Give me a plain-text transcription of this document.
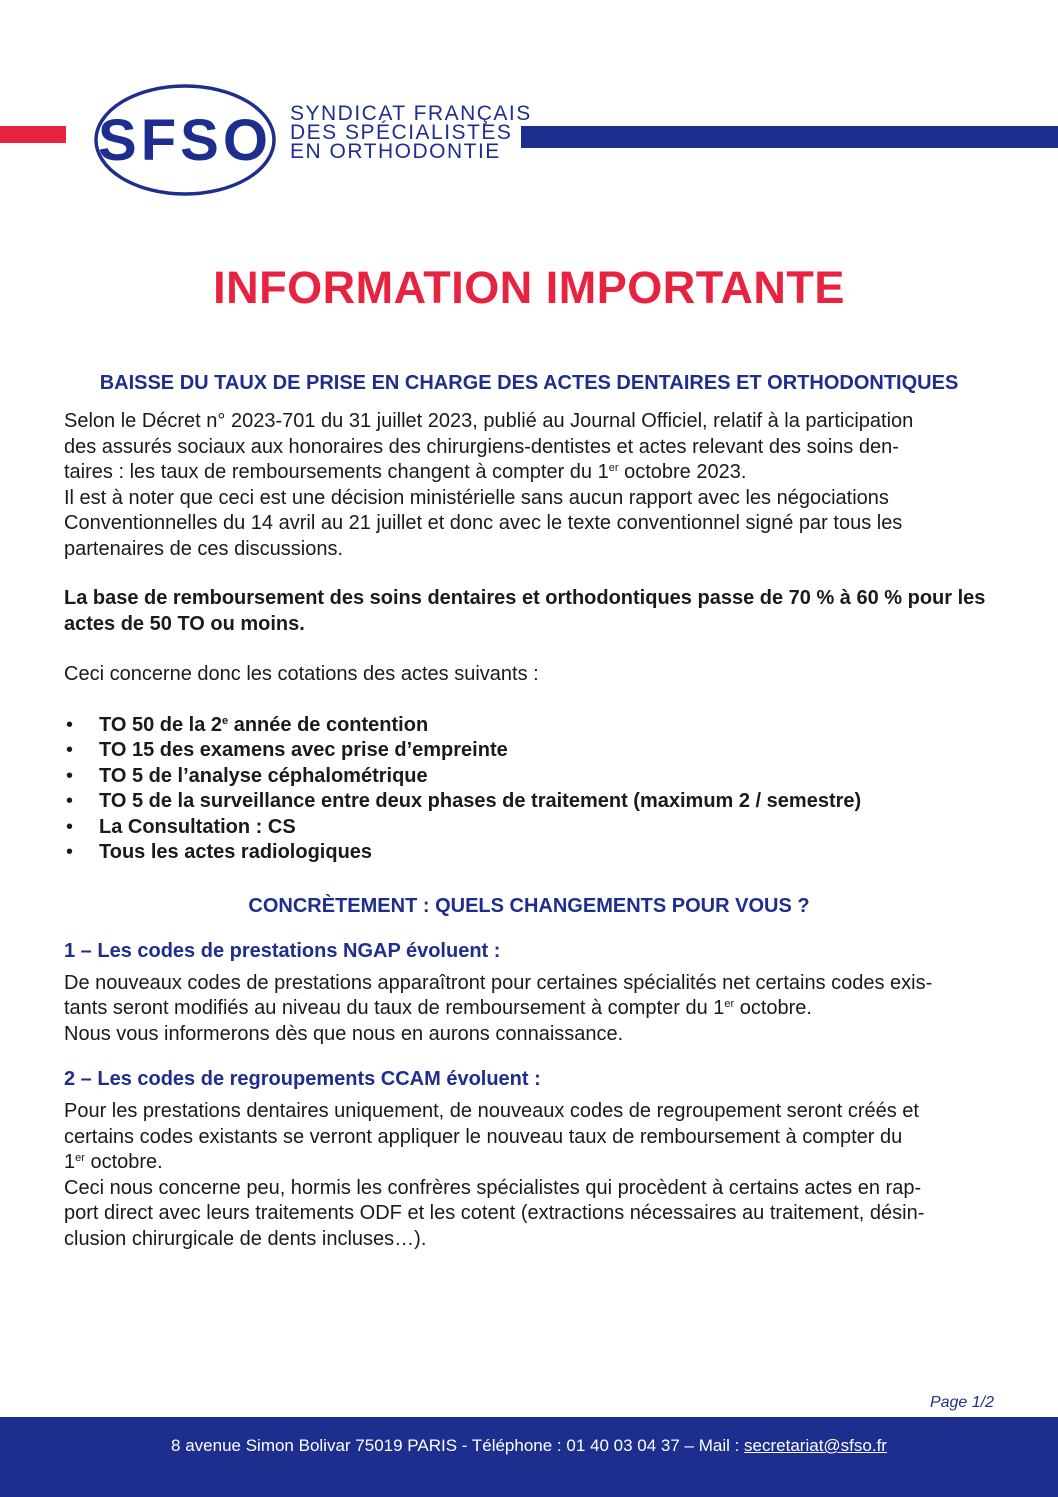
SFSO SYNDICAT FRANÇAIS
DES SPÉCIALISTES
EN ORTHODONTIE
INFORMATION IMPORTANTE
BAISSE DU TAUX DE PRISE EN CHARGE DES ACTES DENTAIRES ET ORTHODONTIQUES

Selon le Décret n° 2023-701 du 31 juillet 2023, publié au Journal Officiel, relatif à la participation
des assurés sociaux aux honoraires des chirurgiens-dentistes et actes relevant des soins den-
taires : les taux de remboursements changent à compter du 1er octobre 2023.
Il est à noter que ceci est une décision ministérielle sans aucun rapport avec les négociations
Conventionnelles du 14 avril au 21 juillet et donc avec le texte conventionnel signé par tous les
partenaires de ces discussions.

La base de remboursement des soins dentaires et orthodontiques passe de 70 % à 60 % pour les
actes de 50 TO ou moins.

Ceci concerne donc les cotations des actes suivants :

• TO 50 de la 2e année de contention
• TO 15 des examens avec prise d’empreinte
• TO 5 de l’analyse céphalométrique
• TO 5 de la surveillance entre deux phases de traitement (maximum 2 / semestre)
• La Consultation : CS
• Tous les actes radiologiques
CONCRÈTEMENT : QUELS CHANGEMENTS POUR VOUS ?
1 – Les codes de prestations NGAP évoluent :

De nouveaux codes de prestations apparaîtront pour certaines spécialités net certains codes exis-
tants seront modifiés au niveau du taux de remboursement à compter du 1er octobre.
Nous vous informerons dès que nous en aurons connaissance.

2 – Les codes de regroupements CCAM évoluent :

Pour les prestations dentaires uniquement, de nouveaux codes de regroupement seront créés et
certains codes existants se verront appliquer le nouveau taux de remboursement à compter du
1er octobre.
Ceci nous concerne peu, hormis les confrères spécialistes qui procèdent à certains actes en rap-
port direct avec leurs traitements ODF et les cotent (extractions nécessaires au traitement, désin-
clusion chirurgicale de dents incluses…).

Page 1/2
8 avenue Simon Bolivar 75019 PARIS - Téléphone : 01 40 03 04 37 – Mail : secretariat@sfso.fr
